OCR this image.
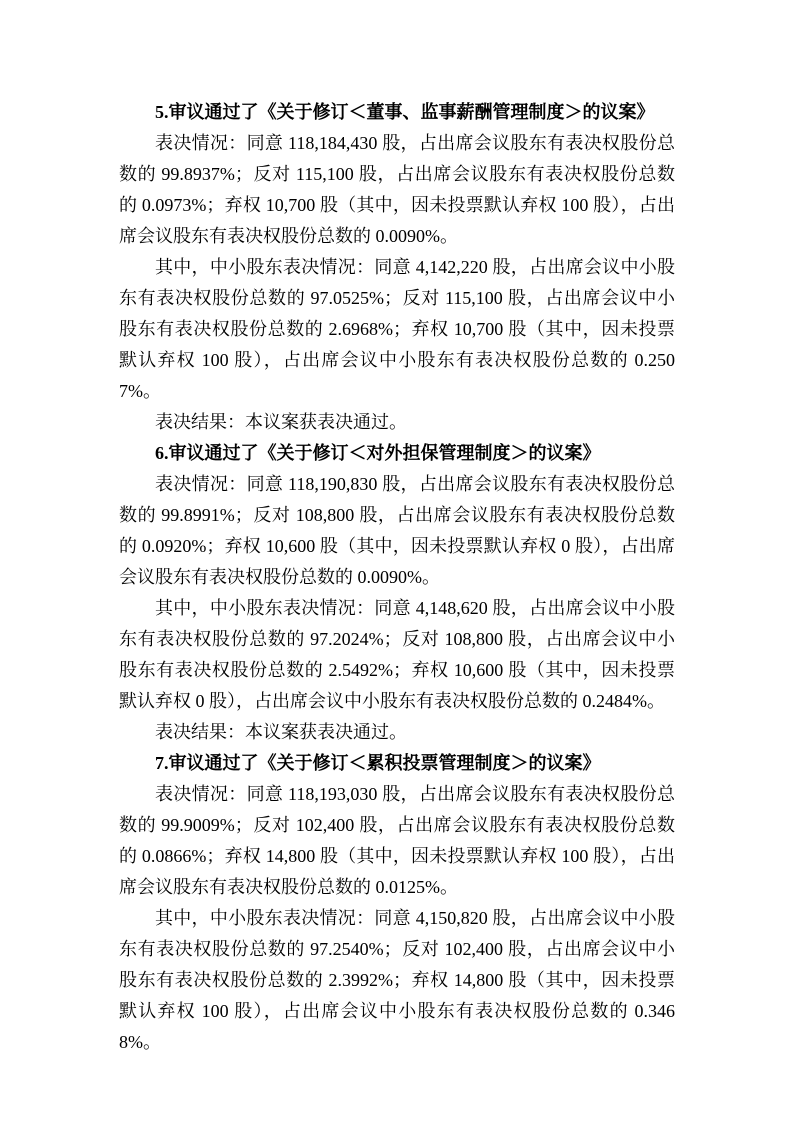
5.审议通过了《关于修订＜董事、监事薪酬管理制度＞的议案》

表决情况：同意 118,184,430 股，占出席会议股东有表决权股份总数的 99.8937%；反对 115,100 股，占出席会议股东有表决权股份总数的 0.0973%；弃权 10,700 股（其中，因未投票默认弃权 100 股），占出席会议股东有表决权股份总数的 0.0090%。

其中，中小股东表决情况：同意 4,142,220 股，占出席会议中小股东有表决权股份总数的 97.0525%；反对 115,100 股，占出席会议中小股东有表决权股份总数的 2.6968%；弃权 10,700 股（其中，因未投票默认弃权 100 股），占出席会议中小股东有表决权股份总数的 0.2507%。

表决结果：本议案获表决通过。

6.审议通过了《关于修订＜对外担保管理制度＞的议案》

表决情况：同意 118,190,830 股，占出席会议股东有表决权股份总数的 99.8991%；反对 108,800 股，占出席会议股东有表决权股份总数的 0.0920%；弃权 10,600 股（其中，因未投票默认弃权 0 股），占出席会议股东有表决权股份总数的 0.0090%。

其中，中小股东表决情况：同意 4,148,620 股，占出席会议中小股东有表决权股份总数的 97.2024%；反对 108,800 股，占出席会议中小股东有表决权股份总数的 2.5492%；弃权 10,600 股（其中，因未投票默认弃权 0 股），占出席会议中小股东有表决权股份总数的 0.2484%。

表决结果：本议案获表决通过。

7.审议通过了《关于修订＜累积投票管理制度＞的议案》

表决情况：同意 118,193,030 股，占出席会议股东有表决权股份总数的 99.9009%；反对 102,400 股，占出席会议股东有表决权股份总数的 0.0866%；弃权 14,800 股（其中，因未投票默认弃权 100 股），占出席会议股东有表决权股份总数的 0.0125%。

其中，中小股东表决情况：同意 4,150,820 股，占出席会议中小股东有表决权股份总数的 97.2540%；反对 102,400 股，占出席会议中小股东有表决权股份总数的 2.3992%；弃权 14,800 股（其中，因未投票默认弃权 100 股），占出席会议中小股东有表决权股份总数的 0.3468%。
